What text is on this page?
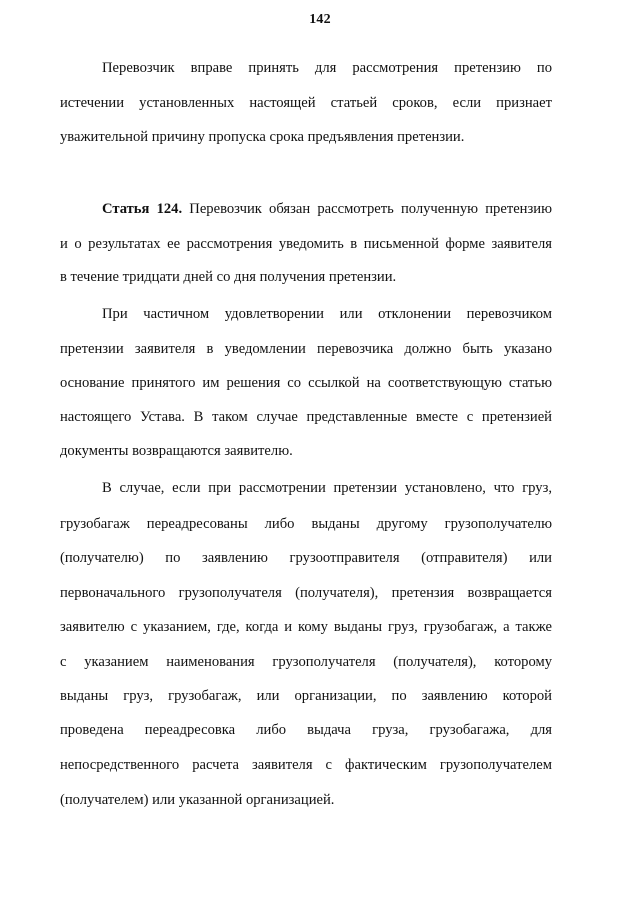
142
Перевозчик вправе принять для рассмотрения претензию по
истечении установленных настоящей статьей сроков, если признает
уважительной причину пропуска срока предъявления претензии.
Статья 124. Перевозчик обязан рассмотреть полученную претензию
и о результатах ее рассмотрения уведомить в письменной форме заявителя
в течение тридцати дней со дня получения претензии.
При частичном удовлетворении или отклонении перевозчиком
претензии заявителя в уведомлении перевозчика должно быть указано
основание принятого им решения со ссылкой на соответствующую статью
настоящего Устава. В таком случае представленные вместе с претензией
документы возвращаются заявителю.
В случае, если при рассмотрении претензии установлено, что груз,
грузобагаж переадресованы либо выданы другому грузополучателю
(получателю) по заявлению грузоотправителя (отправителя) или
первоначального грузополучателя (получателя), претензия возвращается
заявителю с указанием, где, когда и кому выданы груз, грузобагаж, а также
с указанием наименования грузополучателя (получателя), которому
выданы груз, грузобагаж, или организации, по заявлению которой
проведена переадресовка либо выдача груза, грузобагажа, для
непосредственного расчета заявителя с фактическим грузополучателем
(получателем) или указанной организацией.
